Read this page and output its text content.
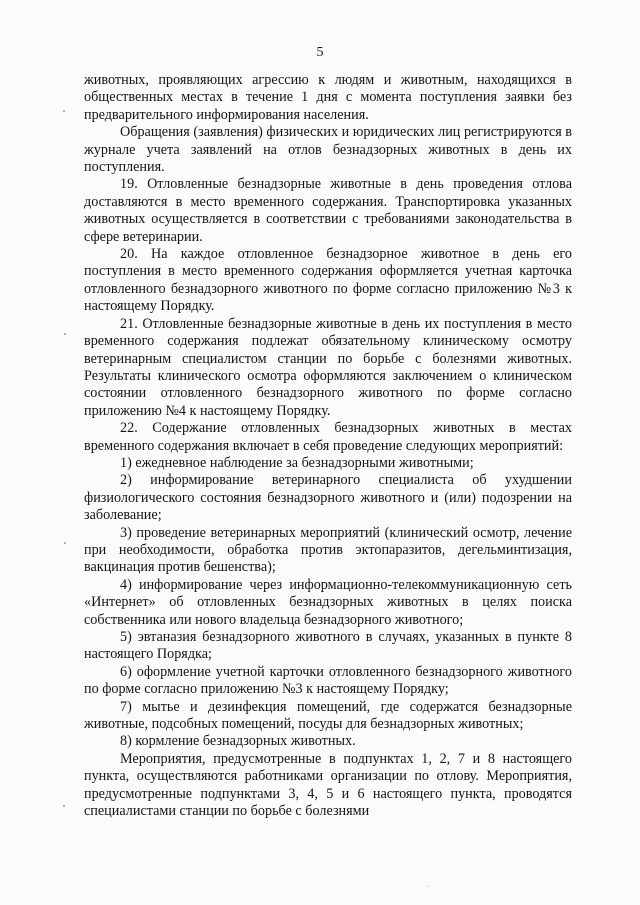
5

животных, проявляющих агрессию к людям и животным, находящихся в общественных местах в течение 1 дня с момента поступления заявки без предварительного информирования населения.

Обращения (заявления) физических и юридических лиц регистрируются в журнале учета заявлений на отлов безнадзорных животных в день их поступления.

19. Отловленные безнадзорные животные в день проведения отлова доставляются в место временного содержания. Транспортировка указанных животных осуществляется в соответствии с требованиями законодательства в сфере ветеринарии.

20. На каждое отловленное безнадзорное животное в день его поступления в место временного содержания оформляется учетная карточка отловленного безнадзорного животного по форме согласно приложению №3 к настоящему Порядку.

21. Отловленные безнадзорные животные в день их поступления в место временного содержания подлежат обязательному клиническому осмотру ветеринарным специалистом станции по борьбе с болезнями животных. Результаты клинического осмотра оформляются заключением о клиническом состоянии отловленного безнадзорного животного по форме согласно приложению №4 к настоящему Порядку.

22. Содержание отловленных безнадзорных животных в местах временного содержания включает в себя проведение следующих мероприятий:

1) ежедневное наблюдение за безнадзорными животными;
2) информирование ветеринарного специалиста об ухудшении физиологического состояния безнадзорного животного и (или) подозрении на заболевание;
3) проведение ветеринарных мероприятий (клинический осмотр, лечение при необходимости, обработка против эктопаразитов, дегельминтизация, вакцинация против бешенства);
4) информирование через информационно-телекоммуникационную сеть «Интернет» об отловленных безнадзорных животных в целях поиска собственника или нового владельца безнадзорного животного;
5) эвтаназия безнадзорного животного в случаях, указанных в пункте 8 настоящего Порядка;
6) оформление учетной карточки отловленного безнадзорного животного по форме согласно приложению №3 к настоящему Порядку;
7) мытье и дезинфекция помещений, где содержатся безнадзорные животные, подсобных помещений, посуды для безнадзорных животных;
8) кормление безнадзорных животных.

Мероприятия, предусмотренные в подпунктах 1, 2, 7 и 8 настоящего пункта, осуществляются работниками организации по отлову. Мероприятия, предусмотренные подпунктами 3, 4, 5 и 6 настоящего пункта, проводятся специалистами станции по борьбе с болезнями
